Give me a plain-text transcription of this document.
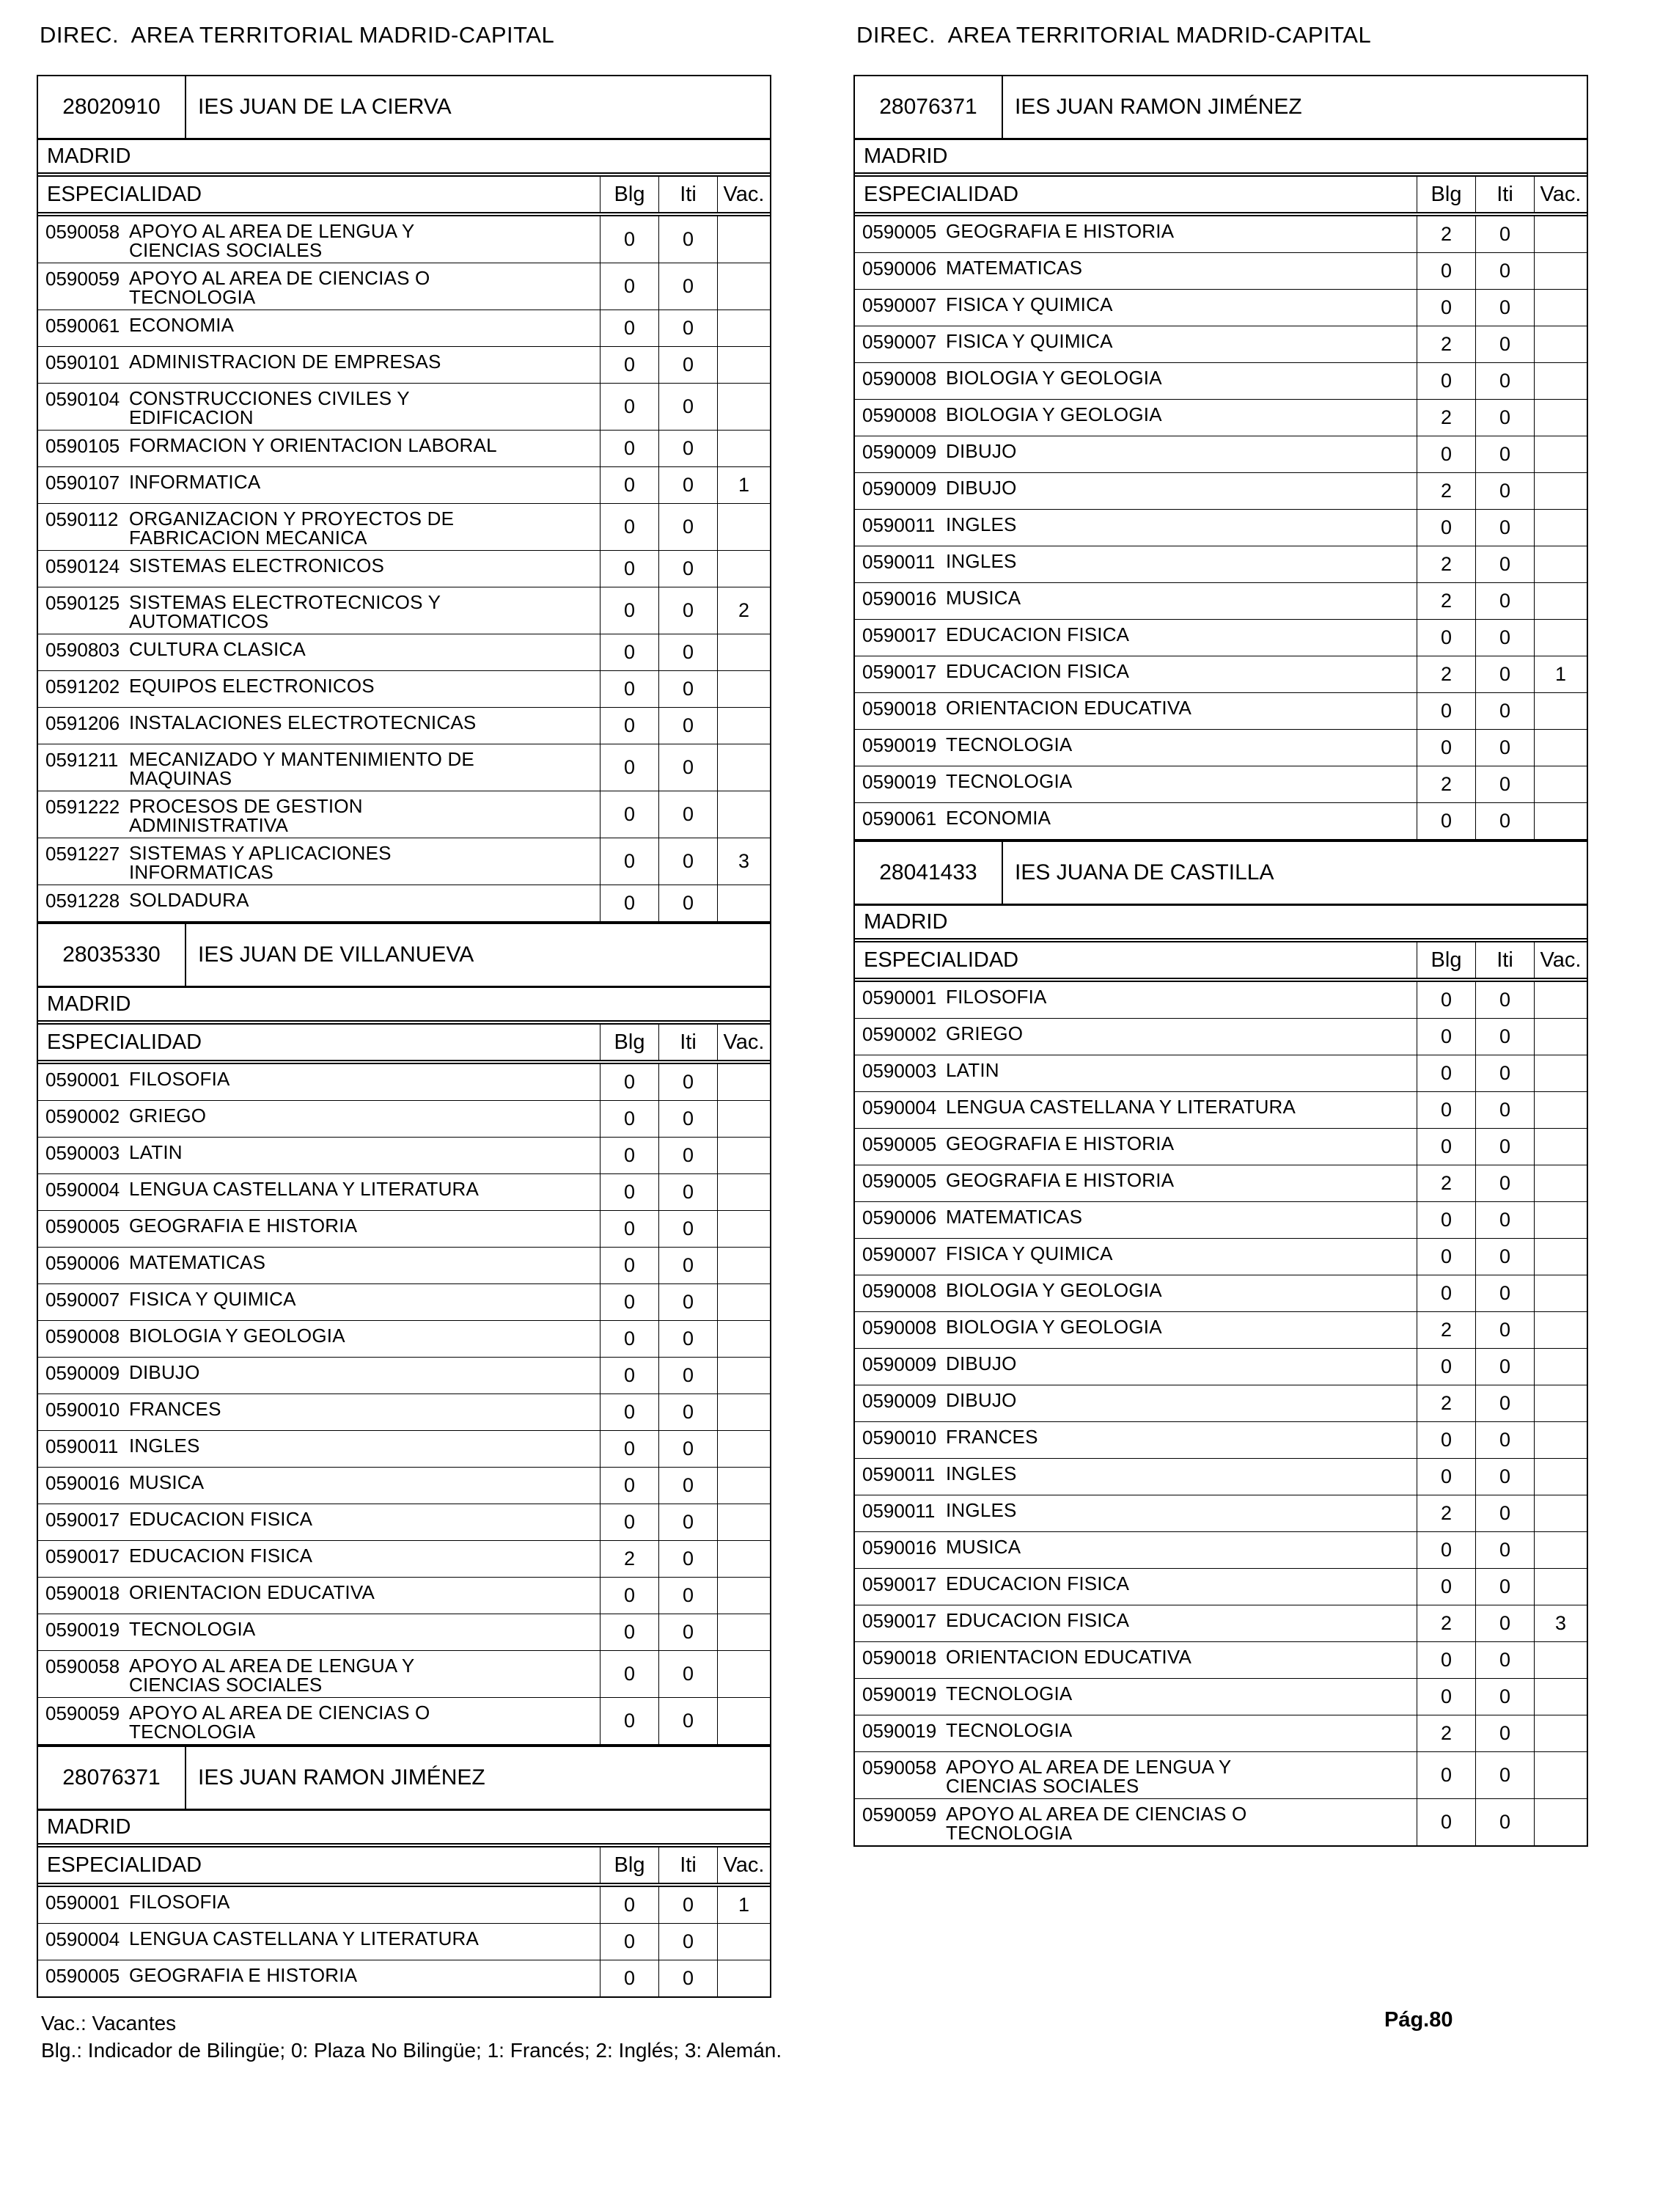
DIREC.  AREA TERRITORIAL MADRID-CAPITAL
28020910	IES JUAN DE LA CIERVA
MADRID
ESPECIALIDAD	Blg	Iti	Vac.
0590058 APOYO AL AREA DE LENGUA Y
CIENCIAS SOCIALES	0	0
0590059 APOYO AL AREA DE CIENCIAS O
TECNOLOGIA	0	0
0590061 ECONOMIA	0	0
0590101 ADMINISTRACION DE EMPRESAS	0	0
0590104 CONSTRUCCIONES CIVILES Y
EDIFICACION	0	0
0590105 FORMACION Y ORIENTACION LABORAL	0	0
0590107 INFORMATICA	0	0	1
0590112 ORGANIZACION Y PROYECTOS DE
FABRICACION MECANICA	0	0
0590124 SISTEMAS ELECTRONICOS	0	0
0590125 SISTEMAS ELECTROTECNICOS Y
AUTOMATICOS	0	0	2
0590803 CULTURA CLASICA	0	0
0591202 EQUIPOS ELECTRONICOS	0	0
0591206 INSTALACIONES ELECTROTECNICAS	0	0
0591211 MECANIZADO Y MANTENIMIENTO DE
MAQUINAS	0	0
0591222 PROCESOS DE GESTION
ADMINISTRATIVA	0	0
0591227 SISTEMAS Y APLICACIONES
INFORMATICAS	0	0	3
0591228 SOLDADURA	0	0
28035330	IES JUAN DE VILLANUEVA
MADRID
ESPECIALIDAD	Blg	Iti	Vac.
0590001 FILOSOFIA	0	0
0590002 GRIEGO	0	0
0590003 LATIN	0	0
0590004 LENGUA CASTELLANA Y LITERATURA	0	0
0590005 GEOGRAFIA E HISTORIA	0	0
0590006 MATEMATICAS	0	0
0590007 FISICA Y QUIMICA	0	0
0590008 BIOLOGIA Y GEOLOGIA	0	0
0590009 DIBUJO	0	0
0590010 FRANCES	0	0
0590011 INGLES	0	0
0590016 MUSICA	0	0
0590017 EDUCACION FISICA	0	0
0590017 EDUCACION FISICA	2	0
0590018 ORIENTACION EDUCATIVA	0	0
0590019 TECNOLOGIA	0	0
0590058 APOYO AL AREA DE LENGUA Y
CIENCIAS SOCIALES	0	0
0590059 APOYO AL AREA DE CIENCIAS O
TECNOLOGIA	0	0
28076371	IES JUAN RAMON JIMÉNEZ
MADRID
ESPECIALIDAD	Blg	Iti	Vac.
0590001 FILOSOFIA	0	0	1
0590004 LENGUA CASTELLANA Y LITERATURA	0	0
0590005 GEOGRAFIA E HISTORIA	0	0
DIREC.  AREA TERRITORIAL MADRID-CAPITAL
28076371	IES JUAN RAMON JIMÉNEZ
MADRID
ESPECIALIDAD	Blg	Iti	Vac.
0590005 GEOGRAFIA E HISTORIA	2	0
0590006 MATEMATICAS	0	0
0590007 FISICA Y QUIMICA	0	0
0590007 FISICA Y QUIMICA	2	0
0590008 BIOLOGIA Y GEOLOGIA	0	0
0590008 BIOLOGIA Y GEOLOGIA	2	0
0590009 DIBUJO	0	0
0590009 DIBUJO	2	0
0590011 INGLES	0	0
0590011 INGLES	2	0
0590016 MUSICA	2	0
0590017 EDUCACION FISICA	0	0
0590017 EDUCACION FISICA	2	0	1
0590018 ORIENTACION EDUCATIVA	0	0
0590019 TECNOLOGIA	0	0
0590019 TECNOLOGIA	2	0
0590061 ECONOMIA	0	0
28041433	IES JUANA DE CASTILLA
MADRID
ESPECIALIDAD	Blg	Iti	Vac.
0590001 FILOSOFIA	0	0
0590002 GRIEGO	0	0
0590003 LATIN	0	0
0590004 LENGUA CASTELLANA Y LITERATURA	0	0
0590005 GEOGRAFIA E HISTORIA	0	0
0590005 GEOGRAFIA E HISTORIA	2	0
0590006 MATEMATICAS	0	0
0590007 FISICA Y QUIMICA	0	0
0590008 BIOLOGIA Y GEOLOGIA	0	0
0590008 BIOLOGIA Y GEOLOGIA	2	0
0590009 DIBUJO	0	0
0590009 DIBUJO	2	0
0590010 FRANCES	0	0
0590011 INGLES	0	0
0590011 INGLES	2	0
0590016 MUSICA	0	0
0590017 EDUCACION FISICA	0	0
0590017 EDUCACION FISICA	2	0	3
0590018 ORIENTACION EDUCATIVA	0	0
0590019 TECNOLOGIA	0	0
0590019 TECNOLOGIA	2	0
0590058 APOYO AL AREA DE LENGUA Y
CIENCIAS SOCIALES	0	0
0590059 APOYO AL AREA DE CIENCIAS O
TECNOLOGIA	0	0
Vac.: Vacantes
Blg.: Indicador de Bilingüe; 0: Plaza No Bilingüe; 1: Francés; 2: Inglés; 3: Alemán.
Pág.80
